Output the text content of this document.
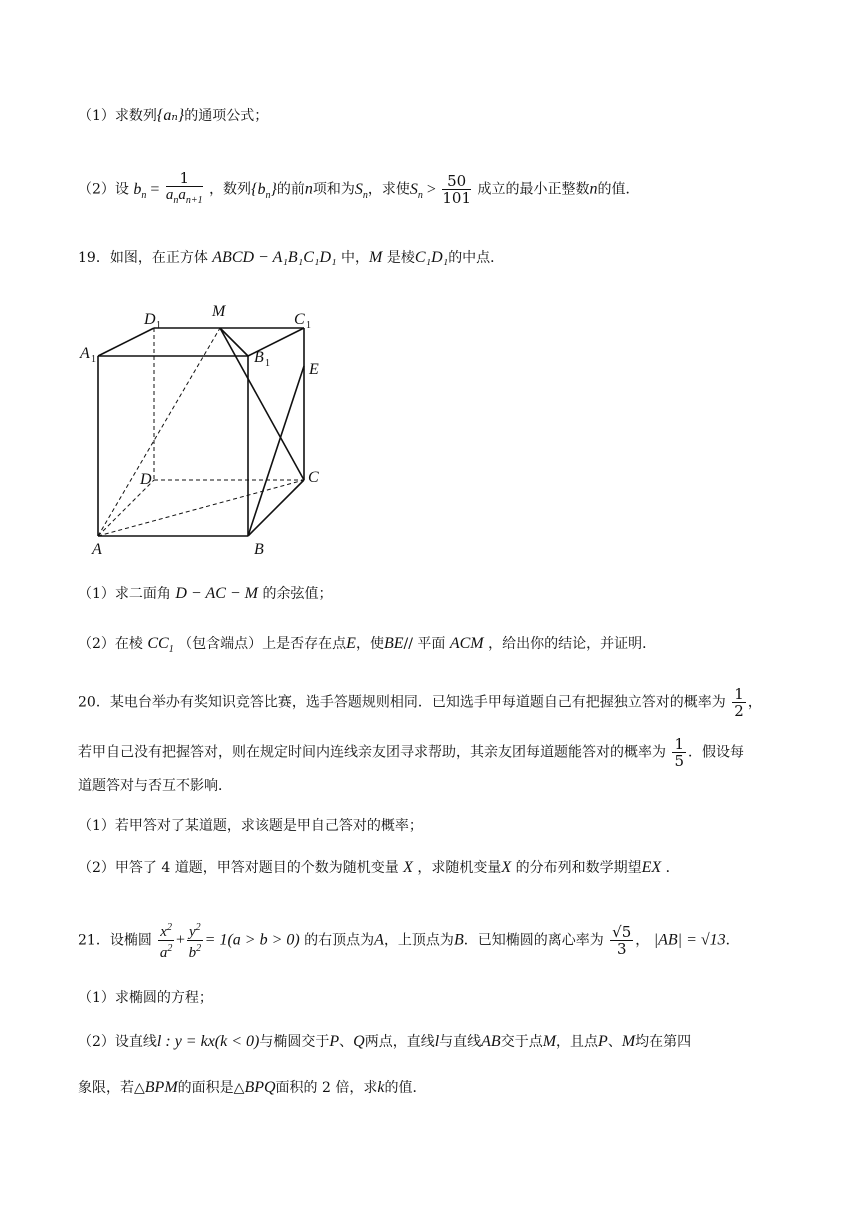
（1）求数列{aₙ}的通项公式；
（2）设 $b_n = \frac{1}{a_na_{n+1}}$ ，数列$\{b_n\}$的前n项和为$S_n$，求使$S_n > \frac{50}{101}$ 成立的最小正整数n的值．
19．如图，在正方体 ABCD − A₁B₁C₁D₁ 中，M 是棱C₁D₁的中点．
D 1
M	C 1
A 1	B 1 E
D	C
A	B
（1）求二面角 D − AC − M 的余弦值；
（2）在棱 $CC_1$ （包含端点）上是否存在点E，使BE// 平面 ACM ，给出你的结论，并证明．
20．某电台举办有奖知识竞答比赛，选手答题规则相同．已知选手甲每道题自己有把握独立答对的概率为 $\frac{1}{2}$ ，
若甲自己没有把握答对，则在规定时间内连线亲友团寻求帮助，其亲友团每道题能答对的概率为 $\frac{1}{5}$ ．假设每
道题答对与否互不影响．
（1）若甲答对了某道题，求该题是甲自己答对的概率；
（2）甲答了 4 道题，甲答对题目的个数为随机变量 X ，求随机变量X 的分布列和数学期望EX ．
21．设椭圆 $\frac{x^2}{a^2} + \frac{y^2}{b^2} = 1(a > b > 0)$ 的右顶点为A，上顶点为B．已知椭圆的离心率为 $\frac{√5}{3}$ ， |AB| = √13．
（1）求椭圆的方程；
（2）设直线l : y = kx(k < 0)与椭圆交于P、Q两点，直线l与直线AB交于点M，且点P、M均在第四
象限，若△BPM的面积是△BPQ面积的 2 倍，求k的值．
